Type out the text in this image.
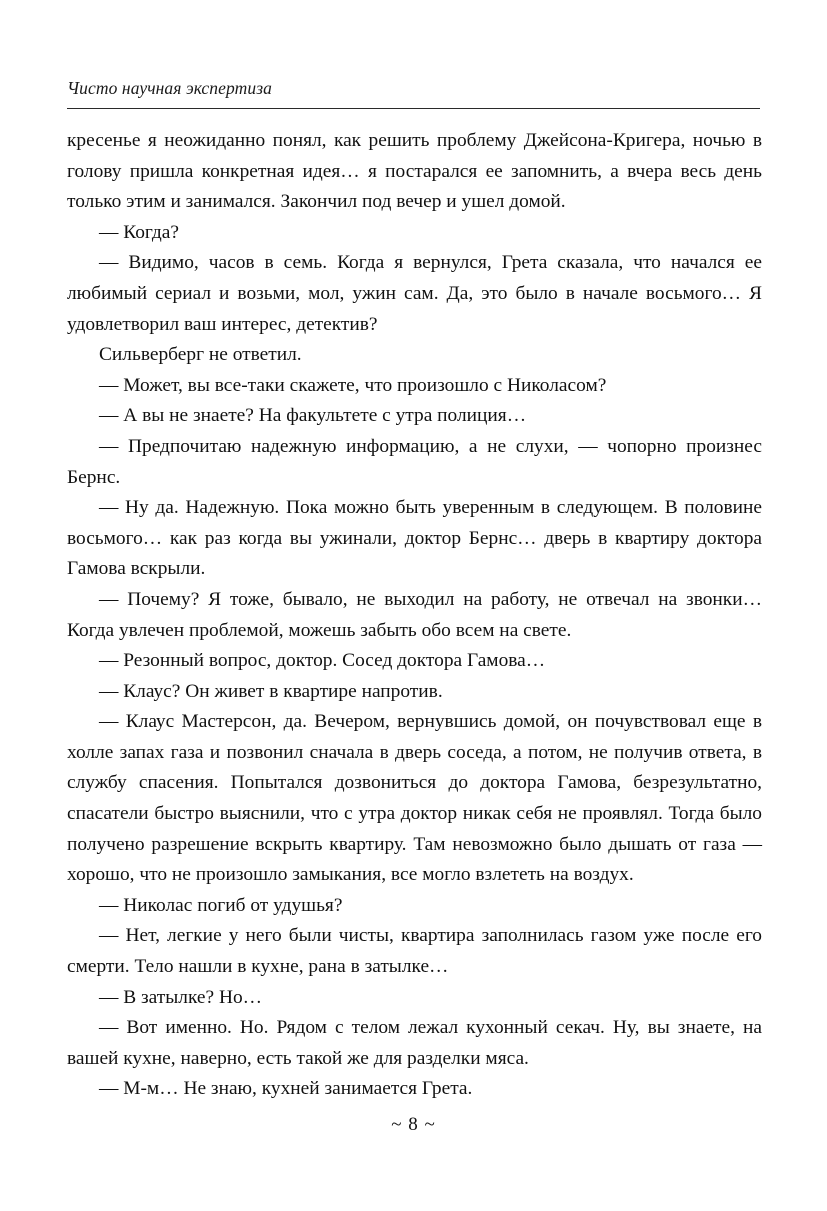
Чисто научная экспертиза

кресенье я неожиданно понял, как решить проблему Джейсона-Кригера, ночью в голову пришла конкретная идея… я постарался ее запомнить, а вчера весь день только этим и занимался. Закончил под вечер и ушел домой.

— Когда?

— Видимо, часов в семь. Когда я вернулся, Грета сказала, что начался ее любимый сериал и возьми, мол, ужин сам. Да, это было в начале восьмого… Я удовлетворил ваш интерес, детектив?

Сильверберг не ответил.

— Может, вы все-таки скажете, что произошло с Николасом?

— А вы не знаете? На факультете с утра полиция…

— Предпочитаю надежную информацию, а не слухи, — чопорно произнес Бернс.

— Ну да. Надежную. Пока можно быть уверенным в следующем. В половине восьмого… как раз когда вы ужинали, доктор Бернс… дверь в квартиру доктора Гамова вскрыли.

— Почему? Я тоже, бывало, не выходил на работу, не отвечал на звонки… Когда увлечен проблемой, можешь забыть обо всем на свете.

— Резонный вопрос, доктор. Сосед доктора Гамова…

— Клаус? Он живет в квартире напротив.

— Клаус Мастерсон, да. Вечером, вернувшись домой, он почувствовал еще в холле запах газа и позвонил сначала в дверь соседа, а потом, не получив ответа, в службу спасения. Попытался дозвониться до доктора Гамова, безрезультатно, спасатели быстро выяснили, что с утра доктор никак себя не проявлял. Тогда было получено разрешение вскрыть квартиру. Там невозможно было дышать от газа — хорошо, что не произошло замыкания, все могло взлететь на воздух.

— Николас погиб от удушья?

— Нет, легкие у него были чисты, квартира заполнилась газом уже после его смерти. Тело нашли в кухне, рана в затылке…

— В затылке? Но…

— Вот именно. Но. Рядом с телом лежал кухонный секач. Ну, вы знаете, на вашей кухне, наверно, есть такой же для разделки мяса.

— М-м… Не знаю, кухней занимается Грета.

~ 8 ~
